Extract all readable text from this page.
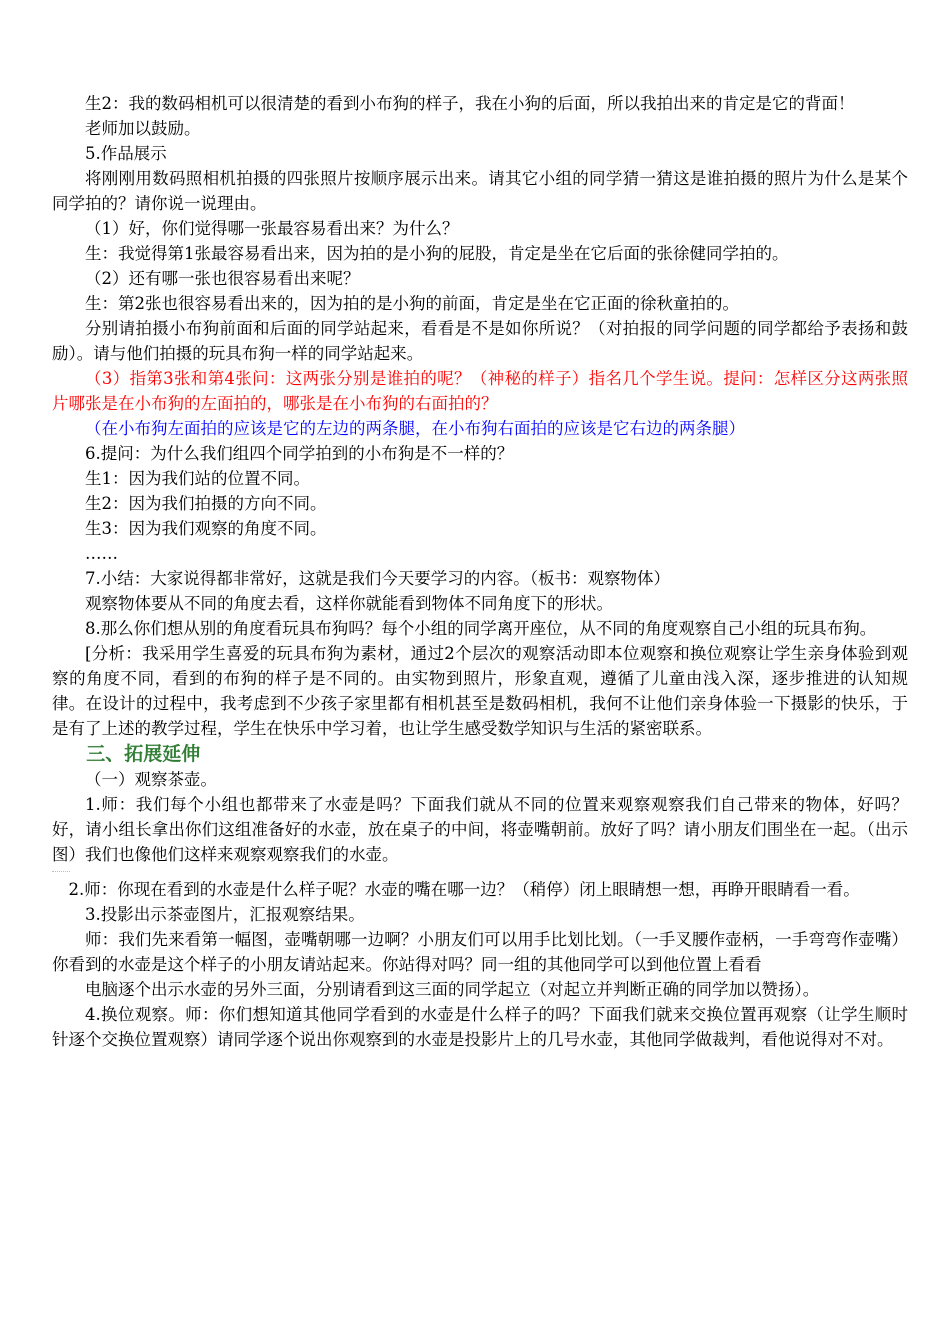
生2：我的数码相机可以很清楚的看到小布狗的样子，我在小狗的后面，所以我拍出来的肯定是它的背面！

老师加以鼓励。

5.作品展示

将刚刚用数码照相机拍摄的四张照片按顺序展示出来。请其它小组的同学猜一猜这是谁拍摄的照片为什么是某个同学拍的？请你说一说理由。

（1）好，你们觉得哪一张最容易看出来？为什么？

生：我觉得第1张最容易看出来，因为拍的是小狗的屁股，肯定是坐在它后面的张徐健同学拍的。

（2）还有哪一张也很容易看出来呢？

生：第2张也很容易看出来的，因为拍的是小狗的前面，肯定是坐在它正面的徐秋童拍的。

分别请拍摄小布狗前面和后面的同学站起来，看看是不是如你所说？（对拍报的同学问题的同学都给予表扬和鼓励）。请与他们拍摄的玩具布狗一样的同学站起来。

（3）指第3张和第4张问：这两张分别是谁拍的呢？（神秘的样子）指名几个学生说。提问：怎样区分这两张照片哪张是在小布狗的左面拍的，哪张是在小布狗的右面拍的？

（在小布狗左面拍的应该是它的左边的两条腿，在小布狗右面拍的应该是它右边的两条腿）

6.提问：为什么我们组四个同学拍到的小布狗是不一样的？

生1：因为我们站的位置不同。

生2：因为我们拍摄的方向不同。

生3：因为我们观察的角度不同。

……

7.小结：大家说得都非常好，这就是我们今天要学习的内容。（板书：观察物体）

观察物体要从不同的角度去看，这样你就能看到物体不同角度下的形状。

8.那么你们想从别的角度看玩具布狗吗？每个小组的同学离开座位，从不同的角度观察自己小组的玩具布狗。

[分析：我采用学生喜爱的玩具布狗为素材，通过2个层次的观察活动即本位观察和换位观察让学生亲身体验到观察的角度不同，看到的布狗的样子是不同的。由实物到照片，形象直观，遵循了儿童由浅入深，逐步推进的认知规律。在设计的过程中，我考虑到不少孩子家里都有相机甚至是数码相机，我何不让他们亲身体验一下摄影的快乐，于是有了上述的教学过程，学生在快乐中学习着，也让学生感受数学知识与生活的紧密联系。

三、拓展延伸

（一）观察茶壶。

1.师：我们每个小组也都带来了水壶是吗？下面我们就从不同的位置来观察观察我们自己带来的物体，好吗？好，请小组长拿出你们这组准备好的水壶，放在桌子的中间，将壶嘴朝前。放好了吗？请小朋友们围坐在一起。（出示图）我们也像他们这样来观察观察我们的水壶。

2.师：你现在看到的水壶是什么样子呢？水壶的嘴在哪一边？（稍停）闭上眼睛想一想，再睁开眼睛看一看。

3.投影出示茶壶图片，汇报观察结果。

师：我们先来看第一幅图，壶嘴朝哪一边啊？小朋友们可以用手比划比划。（一手叉腰作壶柄，一手弯弯作壶嘴）你看到的水壶是这个样子的小朋友请站起来。你站得对吗？同一组的其他同学可以到他位置上看看

电脑逐个出示水壶的另外三面，分别请看到这三面的同学起立（对起立并判断正确的同学加以赞扬）。

4.换位观察。师：你们想知道其他同学看到的水壶是什么样子的吗？下面我们就来交换位置再观察（让学生顺时针逐个交换位置观察）请同学逐个说出你观察到的水壶是投影片上的几号水壶，其他同学做裁判，看他说得对不对。
